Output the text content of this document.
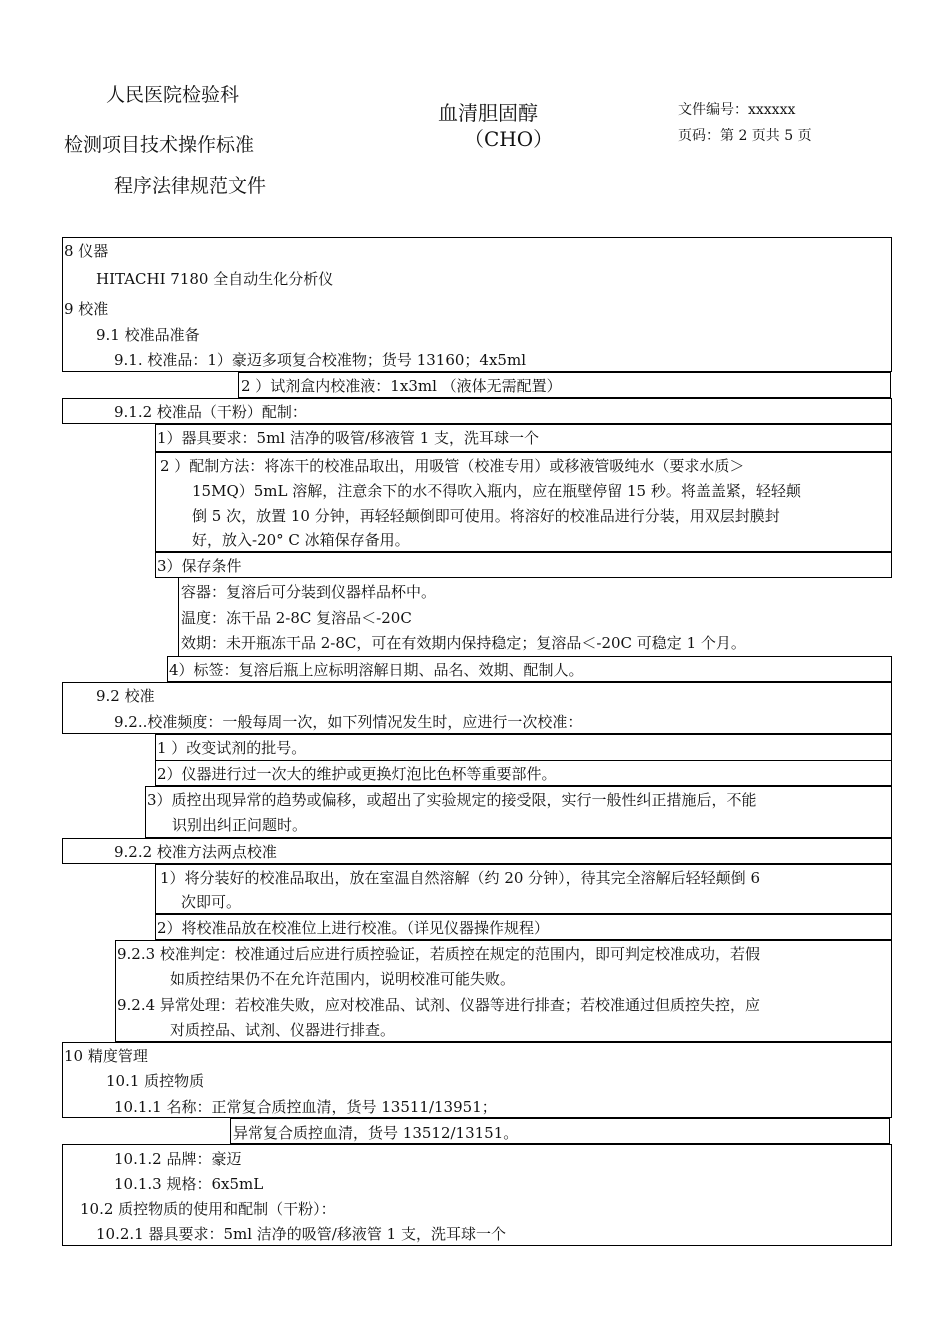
人民医院检验科
检测项目技术操作标准
程序法律规范文件
血清胆固醇
（CHO）
文件编号：xxxxxx
页码：第 2 页共 5 页
8 仪器
HITACHI 7180 全自动生化分析仪
9 校准
9.1 校准品准备
9.1. 校准品：1）豪迈多项复合校准物；货号 13160；4x5ml
2 ）试剂盒内校准液：1x3ml （液体无需配置）
9.1.2 校准品（干粉）配制：
1）器具要求：5ml 洁净的吸管/移液管 1 支，洗耳球一个
2 ）配制方法：将冻干的校准品取出，用吸管（校准专用）或移液管吸纯水（要求水质＞
15MQ）5mL 溶解，注意余下的水不得吹入瓶内，应在瓶壁停留 15 秒。将盖盖紧，轻轻颠
倒 5 次，放置 10 分钟，再轻轻颠倒即可使用。将溶好的校准品进行分装，用双层封膜封
好，放入-20° C 冰箱保存备用。
3）保存条件
容器：复溶后可分装到仪器样品杯中。
温度：冻干品 2-8C 复溶品＜-20C
效期：未开瓶冻干品 2-8C，可在有效期内保持稳定；复溶品＜-20C 可稳定 1 个月。
4）标签：复溶后瓶上应标明溶解日期、品名、效期、配制人。
9.2 校准
9.2..校准频度：一般每周一次，如下列情况发生时，应进行一次校准：
1 ）改变试剂的批号。
2）仪器进行过一次大的维护或更换灯泡比色杯等重要部件。
3）质控出现异常的趋势或偏移，或超出了实验规定的接受限，实行一般性纠正措施后，不能
识别出纠正问题时。
9.2.2 校准方法两点校准
1）将分装好的校准品取出，放在室温自然溶解（约 20 分钟），待其完全溶解后轻轻颠倒 6
次即可。
2）将校准品放在校准位上进行校准。（详见仪器操作规程）
9.2.3 校准判定：校准通过后应进行质控验证，若质控在规定的范围内，即可判定校准成功，若假
如质控结果仍不在允许范围内，说明校准可能失败。
9.2.4 异常处理：若校准失败，应对校准品、试剂、仪器等进行排查；若校准通过但质控失控，应
对质控品、试剂、仪器进行排查。
10 精度管理
10.1 质控物质
10.1.1 名称：正常复合质控血清，货号 13511/13951；
异常复合质控血清，货号 13512/13151。
10.1.2 品牌：豪迈
10.1.3 规格：6x5mL
10.2 质控物质的使用和配制（干粉）：
10.2.1 器具要求：5ml 洁净的吸管/移液管 1 支，洗耳球一个
